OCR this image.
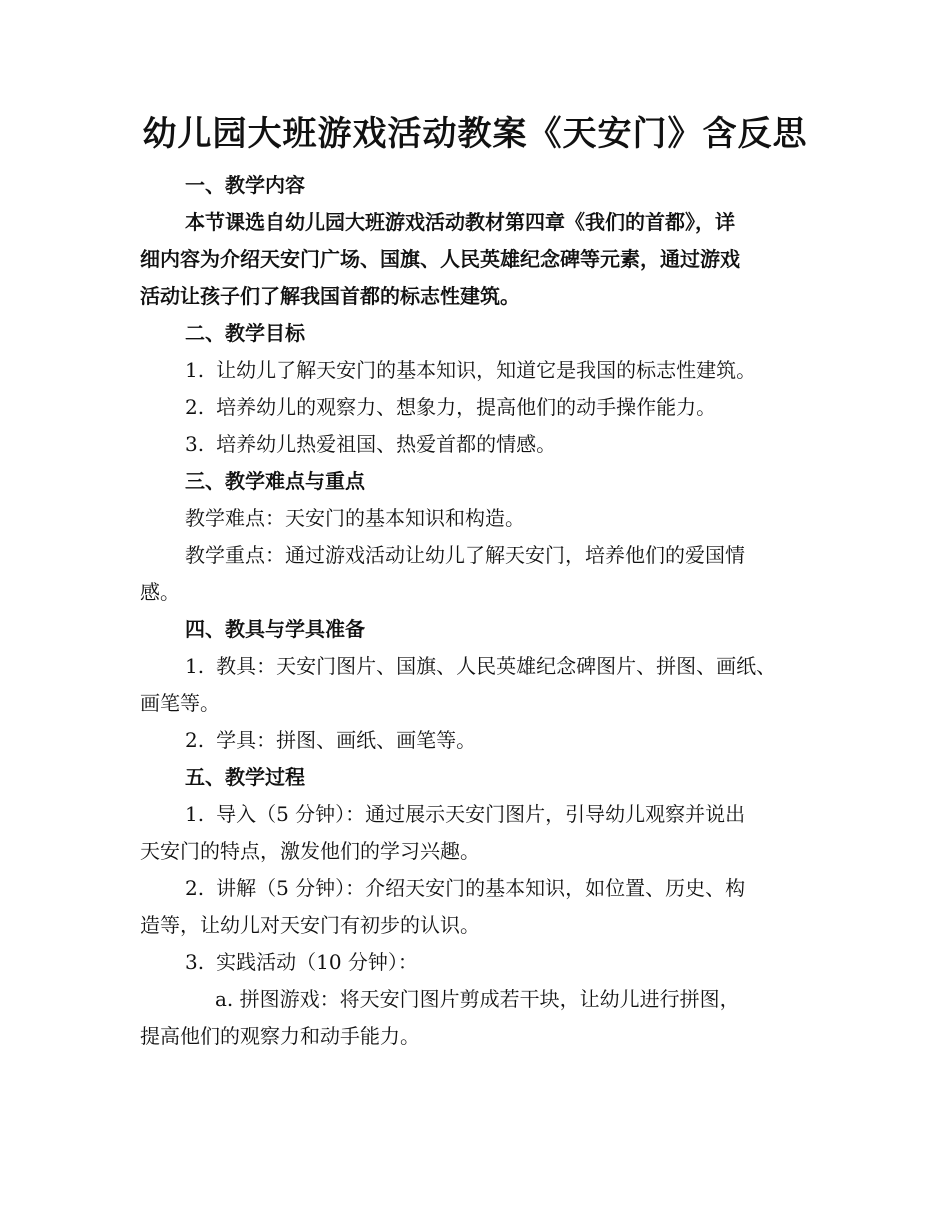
幼儿园大班游戏活动教案《天安门》含反思

一、教学内容

本节课选自幼儿园大班游戏活动教材第四章《我们的首都》，详
细内容为介绍天安门广场、国旗、人民英雄纪念碑等元素，通过游戏
活动让孩子们了解我国首都的标志性建筑。

二、教学目标

1. 让幼儿了解天安门的基本知识，知道它是我国的标志性建筑。

2. 培养幼儿的观察力、想象力，提高他们的动手操作能力。

3. 培养幼儿热爱祖国、热爱首都的情感。

三、教学难点与重点

教学难点：天安门的基本知识和构造。

教学重点：通过游戏活动让幼儿了解天安门，培养他们的爱国情
感。

四、教具与学具准备

1. 教具：天安门图片、国旗、人民英雄纪念碑图片、拼图、画纸、
画笔等。

2. 学具：拼图、画纸、画笔等。

五、教学过程

1. 导入（5 分钟）：通过展示天安门图片，引导幼儿观察并说出
天安门的特点，激发他们的学习兴趣。

2. 讲解（5 分钟）：介绍天安门的基本知识，如位置、历史、构
造等，让幼儿对天安门有初步的认识。

3. 实践活动（10 分钟）：

a. 拼图游戏：将天安门图片剪成若干块，让幼儿进行拼图，
提高他们的观察力和动手能力。
